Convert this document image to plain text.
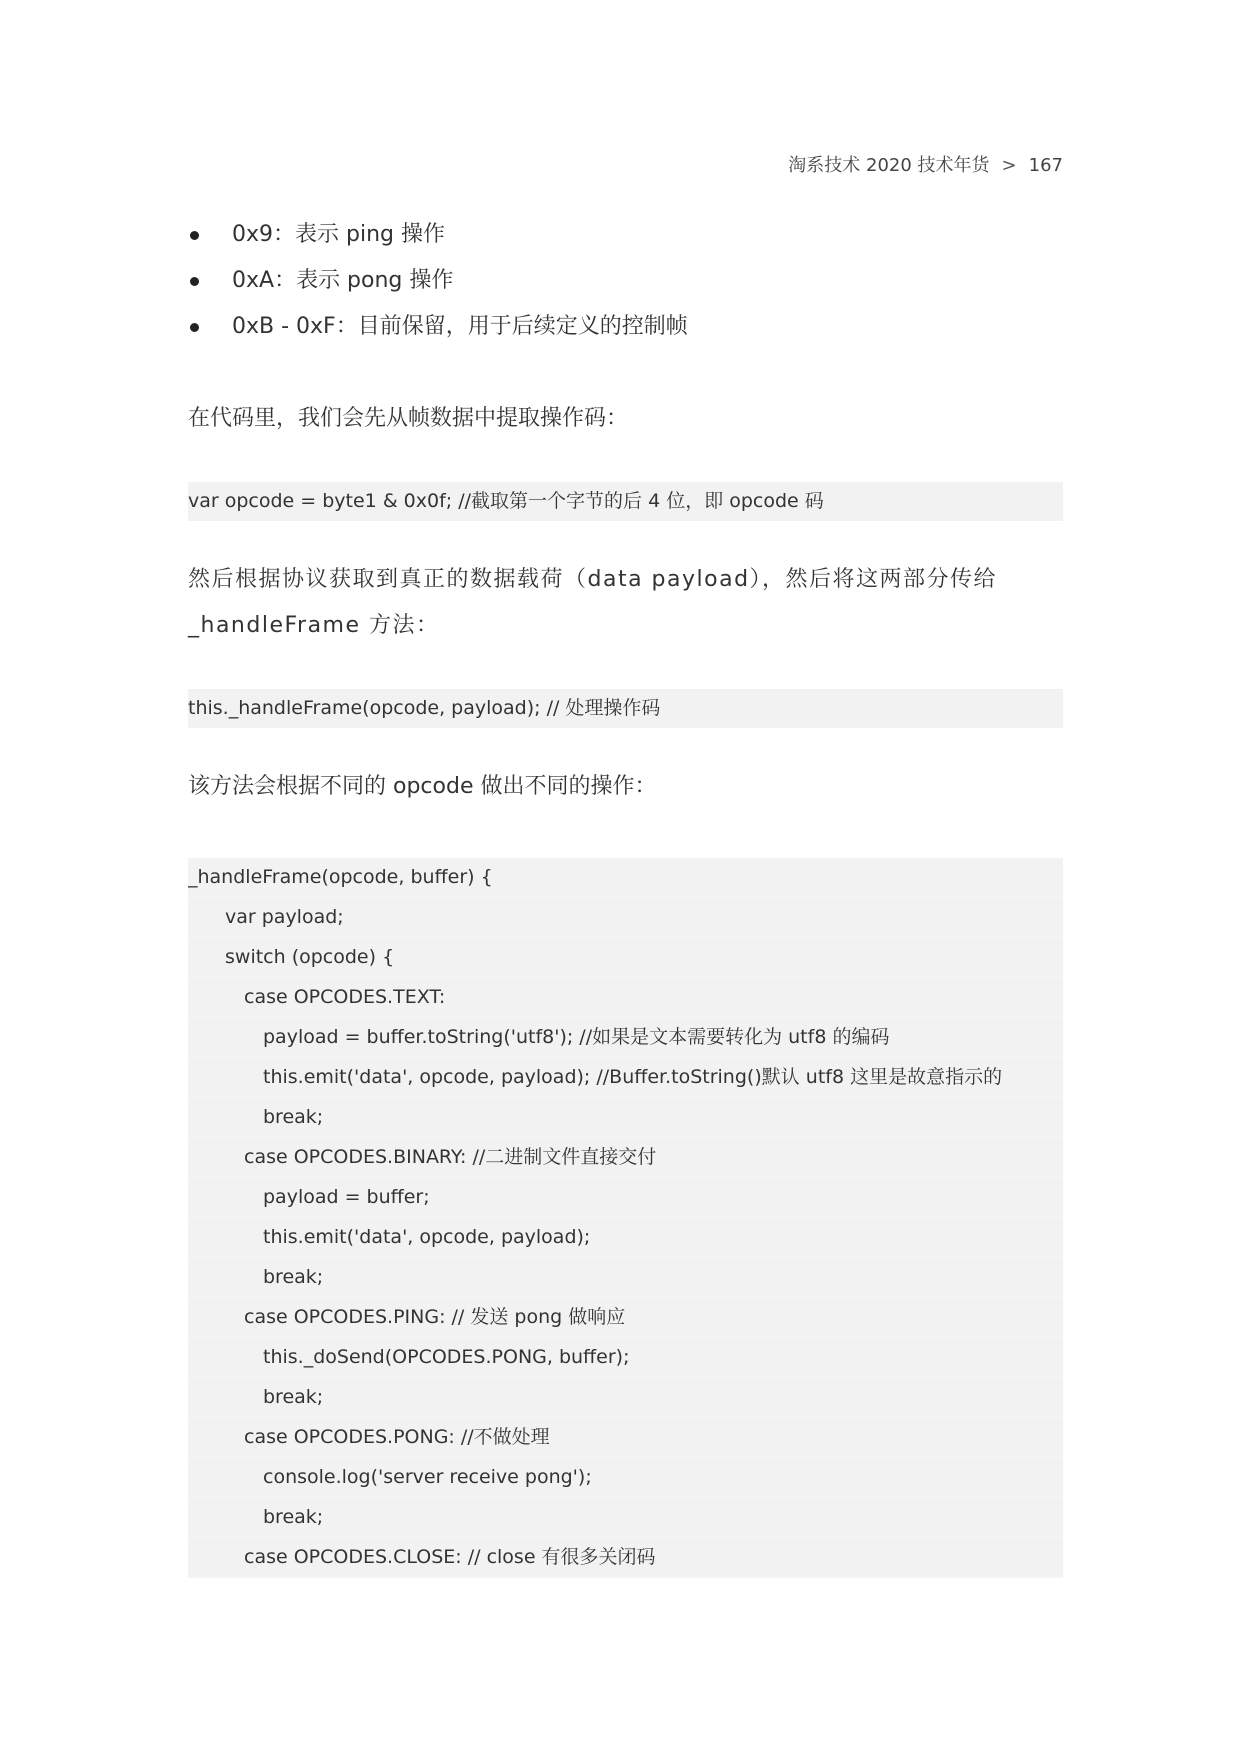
淘系技术 2020 技术年货 > 167
0x9：表示 ping 操作
0xA：表示 pong 操作
0xB - 0xF：目前保留，用于后续定义的控制帧

在代码里，我们会先从帧数据中提取操作码：

var opcode = byte1 & 0x0f; //截取第一个字节的后 4 位，即 opcode 码

然后根据协议获取到真正的数据载荷（data payload），然后将这两部分传给 _handleFrame 方法：

this._handleFrame(opcode, payload); // 处理操作码

该方法会根据不同的 opcode 做出不同的操作：

_handleFrame(opcode, buffer) {
var payload;
switch (opcode) {
case OPCODES.TEXT:
payload = buffer.toString('utf8'); //如果是文本需要转化为 utf8 的编码
this.emit('data', opcode, payload); //Buffer.toString()默认 utf8 这里是故意指示的
break;
case OPCODES.BINARY: //二进制文件直接交付
payload = buffer;
this.emit('data', opcode, payload);
break;
case OPCODES.PING: // 发送 pong 做响应
this._doSend(OPCODES.PONG, buffer);
break;
case OPCODES.PONG: //不做处理
console.log('server receive pong');
break;
case OPCODES.CLOSE: // close 有很多关闭码
